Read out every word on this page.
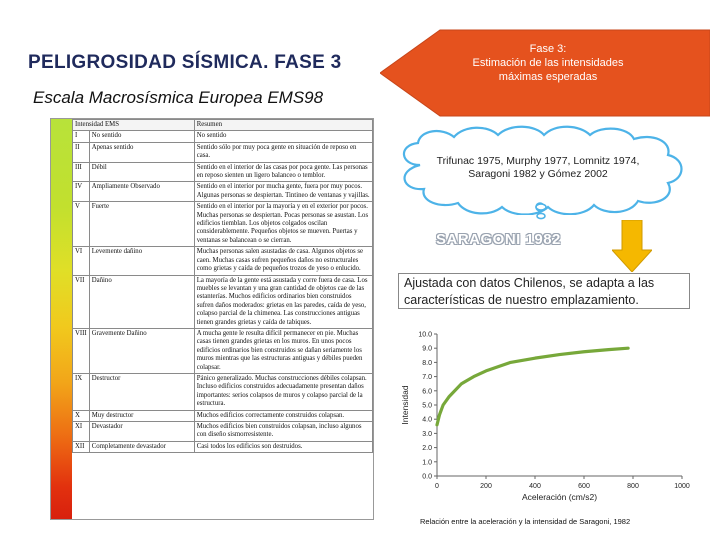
PELIGROSIDAD SÍSMICA. FASE 3
Escala Macrosísmica Europea EMS98
Fase 3:
Estimación de las intensidades
máximas esperadas
Intensidad EMS		Resumen
I	No sentido	No sentido
II	Apenas sentido	Sentido sólo por muy poca gente en situación de reposo en casa.
III	Débil	Sentido en el interior de las casas por poca gente. Las personas en reposo sienten un ligero balanceo o temblor.
IV	Ampliamente Observado	Sentido en el interior por mucha gente, fuera por muy pocos. Algunas personas se despiertan. Tintineo de ventanas y vajillas.
V	Fuerte	Sentido en el interior por la mayoría y en el exterior por pocos. Muchas personas se despiertan. Pocas personas se asustan. Los edificios tiemblan. Los objetos colgados oscilan considerablemente. Pequeños objetos se mueven. Puertas y ventanas se balancean o se cierran.
VI	Levemente dañino	Muchas personas salen asustadas de casa. Algunos objetos se caen. Muchas casas sufren pequeños daños no estructurales como grietas y caída de pequeños trozos de yeso o enlucido.
VII	Dañino	La mayoría de la gente está asustada y corre fuera de casa. Los muebles se levantan y una gran cantidad de objetos cae de las estanterías. Muchos edificios ordinarios bien construidos sufren daños moderados: grietas en las paredes, caída de yeso, colapso parcial de la chimenea. Las construcciones antiguas tienen grandes grietas y caída de tabiques.
VIII	Gravemente Dañino	A mucha gente le resulta difícil permanecer en pie. Muchas casas tienen grandes grietas en los muros. En unos pocos edificios ordinarios bien construidos se dañan seriamente los muros mientras que las estructuras antiguas y débiles pueden colapsar.
IX	Destructor	Pánico generalizado. Muchas construcciones débiles colapsan. Incluso edificios construidos adecuadamente presentan daños importantes: serios colapsos de muros y colapso parcial de la estructura.
X	Muy destructor	Muchos edificios correctamente construidos colapsan.
XI	Devastador	Muchos edificios bien construidos colapsan, incluso algunos con diseño sismorresistente.
XII	Completamente devastador	Casi todos los edificios son destruidos.
Trifunac 1975, Murphy 1977, Lomnitz 1974, Saragoni 1982 y Gómez 2002
SARAGONI 1982
Ajustada con datos Chilenos, se adapta a las características de nuestro emplazamiento.
0.0
1.0
2.0
3.0
4.0
5.0
6.0
7.0
8.0
9.0
10.0
0	200	400	600	800	1000
Aceleración (cm/s2)
Intensidad
Relación entre la aceleración y la intensidad de Saragoni, 1982
